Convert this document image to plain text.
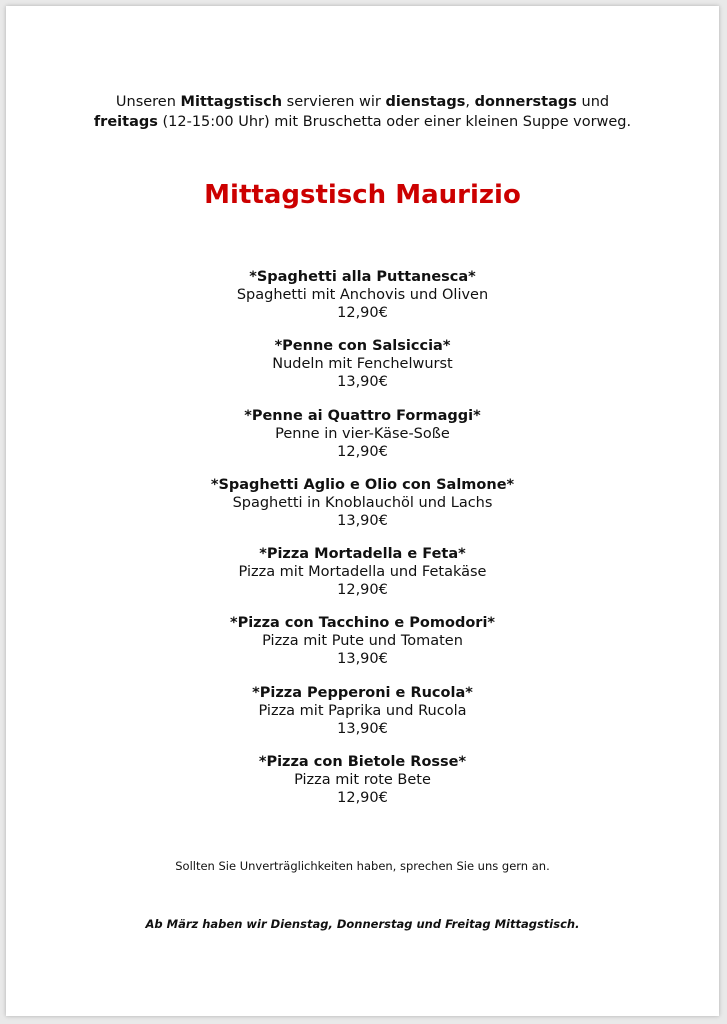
Unseren Mittagstisch servieren wir dienstags, donnerstags und
freitags (12-15:00 Uhr) mit Bruschetta oder einer kleinen Suppe vorweg.
Mittagstisch Maurizio
*Spaghetti alla Puttanesca*
Spaghetti mit Anchovis und Oliven
12,90€
*Penne con Salsiccia*
Nudeln mit Fenchelwurst
13,90€
*Penne ai Quattro Formaggi*
Penne in vier-Käse-Soße
12,90€
*Spaghetti Aglio e Olio con Salmone*
Spaghetti in Knoblauchöl und Lachs
13,90€
*Pizza Mortadella e Feta*
Pizza mit Mortadella und Fetakäse
12,90€
*Pizza con Tacchino e Pomodori*
Pizza mit Pute und Tomaten
13,90€
*Pizza Pepperoni e Rucola*
Pizza mit Paprika und Rucola
13,90€
*Pizza con Bietole Rosse*
Pizza mit rote Bete
12,90€
Sollten Sie Unverträglichkeiten haben, sprechen Sie uns gern an.
Ab März haben wir Dienstag, Donnerstag und Freitag Mittagstisch.
